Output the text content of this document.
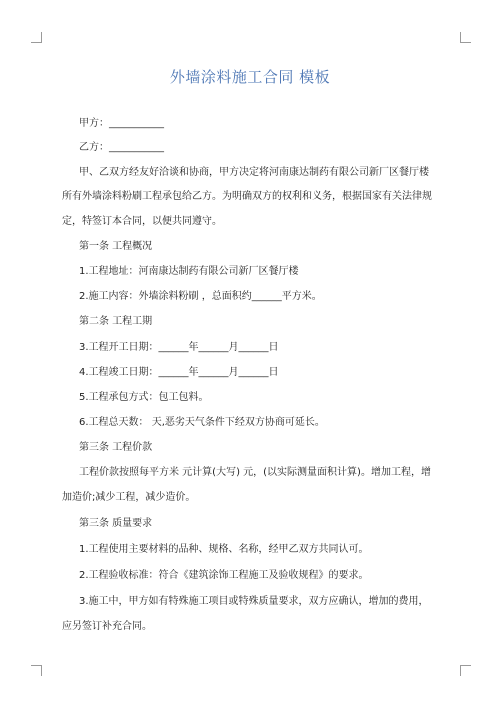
外墙涂料施工合同 模板
甲方：___________
乙方：___________
甲、乙双方经友好洽谈和协商，甲方决定将河南康达制药有限公司新厂区餐厅楼
所有外墙涂料粉刷工程承包给乙方。为明确双方的权利和义务，根据国家有关法律规
定，特签订本合同，以便共同遵守。
第一条 工程概况
1.工程地址：河南康达制药有限公司新厂区餐厅楼
2.施工内容：外墙涂料粉刷 ，总面积约______平方米。
第二条 工程工期
3.工程开工日期：______年______月______日
4.工程竣工日期：______年______月______日
5.工程承包方式：包工包料。
6.工程总天数： 天,恶劣天气条件下经双方协商可延长。
第三条 工程价款
工程价款按照每平方米 元计算(大写) 元，(以实际测量面积计算)。增加工程，增
加造价;减少工程，减少造价。
第三条 质量要求
1.工程使用主要材料的品种、规格、名称，经甲乙双方共同认可。
2.工程验收标准：符合《建筑涂饰工程施工及验收规程》的要求。
3.施工中，甲方如有特殊施工项目或特殊质量要求，双方应确认，增加的费用，
应另签订补充合同。
